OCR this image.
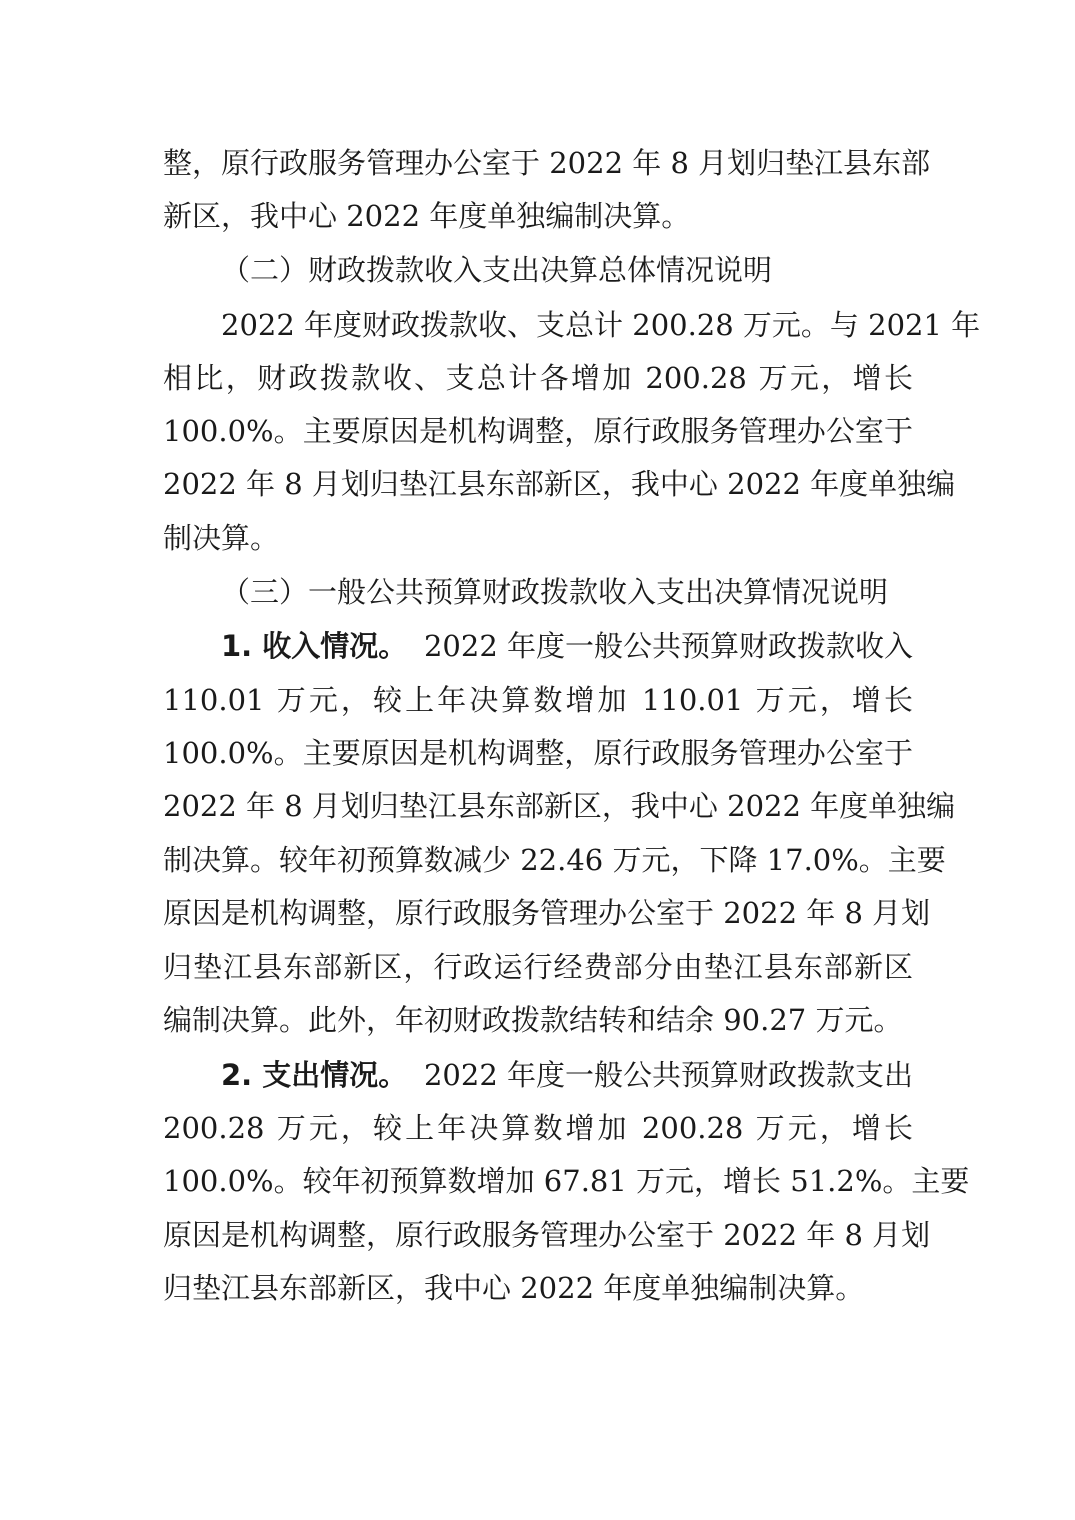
整，原行政服务管理办公室于 2022 年 8 月划归垫江县东部
新区，我中心 2022 年度单独编制决算。
（二）财政拨款收入支出决算总体情况说明
2022 年度财政拨款收、支总计 200.28 万元。与 2021 年
相比，财政拨款收、支总计各增加 200.28 万元，增长
100.0%。主要原因是机构调整，原行政服务管理办公室于
2022 年 8 月划归垫江县东部新区，我中心 2022 年度单独编
制决算。
（三）一般公共预算财政拨款收入支出决算情况说明
1. 收入情况。 2022 年度一般公共预算财政拨款收入
110.01 万元，较上年决算数增加 110.01 万元，增长
100.0%。主要原因是机构调整，原行政服务管理办公室于
2022 年 8 月划归垫江县东部新区，我中心 2022 年度单独编
制决算。较年初预算数减少 22.46 万元，下降 17.0%。主要
原因是机构调整，原行政服务管理办公室于 2022 年 8 月划
归垫江县东部新区，行政运行经费部分由垫江县东部新区
编制决算。此外，年初财政拨款结转和结余 90.27 万元。
2. 支出情况。 2022 年度一般公共预算财政拨款支出
200.28 万元，较上年决算数增加 200.28 万元，增长
100.0%。较年初预算数增加 67.81 万元，增长 51.2%。主要
原因是机构调整，原行政服务管理办公室于 2022 年 8 月划
归垫江县东部新区，我中心 2022 年度单独编制决算。
